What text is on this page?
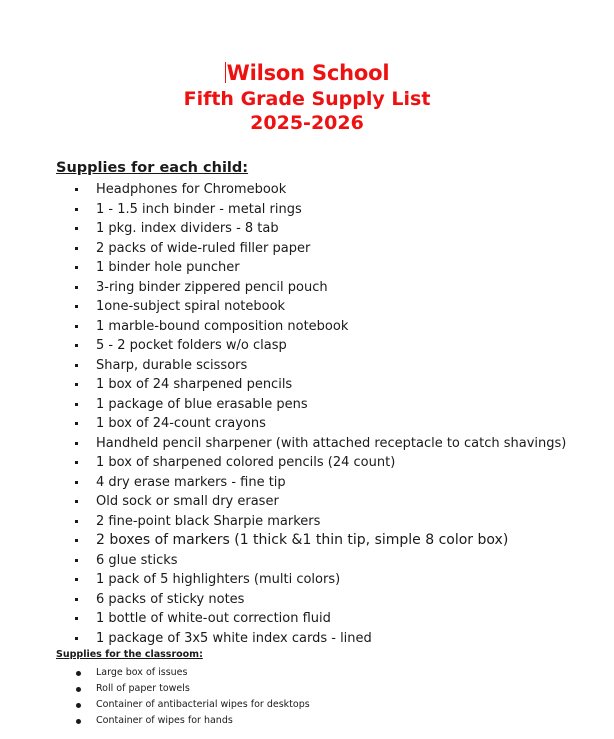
Wilson School
Fifth Grade Supply List
2025-2026
Supplies for each child:
Headphones for Chromebook
1 - 1.5 inch binder - metal rings
1 pkg. index dividers - 8 tab
2 packs of wide-ruled filler paper
1 binder hole puncher
3-ring binder zippered pencil pouch
1one-subject spiral notebook
1 marble-bound composition notebook
5 - 2 pocket folders w/o clasp
Sharp, durable scissors
1 box of 24 sharpened pencils
1 package of blue erasable pens
1 box of 24-count crayons
Handheld pencil sharpener (with attached receptacle to catch shavings)
1 box of sharpened colored pencils (24 count)
4 dry erase markers - fine tip
Old sock or small dry eraser
2 fine-point black Sharpie markers
2 boxes of markers (1 thick &1 thin tip, simple 8 color box)
6 glue sticks
1 pack of 5 highlighters (multi colors)
6 packs of sticky notes
1 bottle of white-out correction fluid
1 package of 3x5 white index cards - lined
Supplies for the classroom:
Large box of issues
Roll of paper towels
Container of antibacterial wipes for desktops
Container of wipes for hands
